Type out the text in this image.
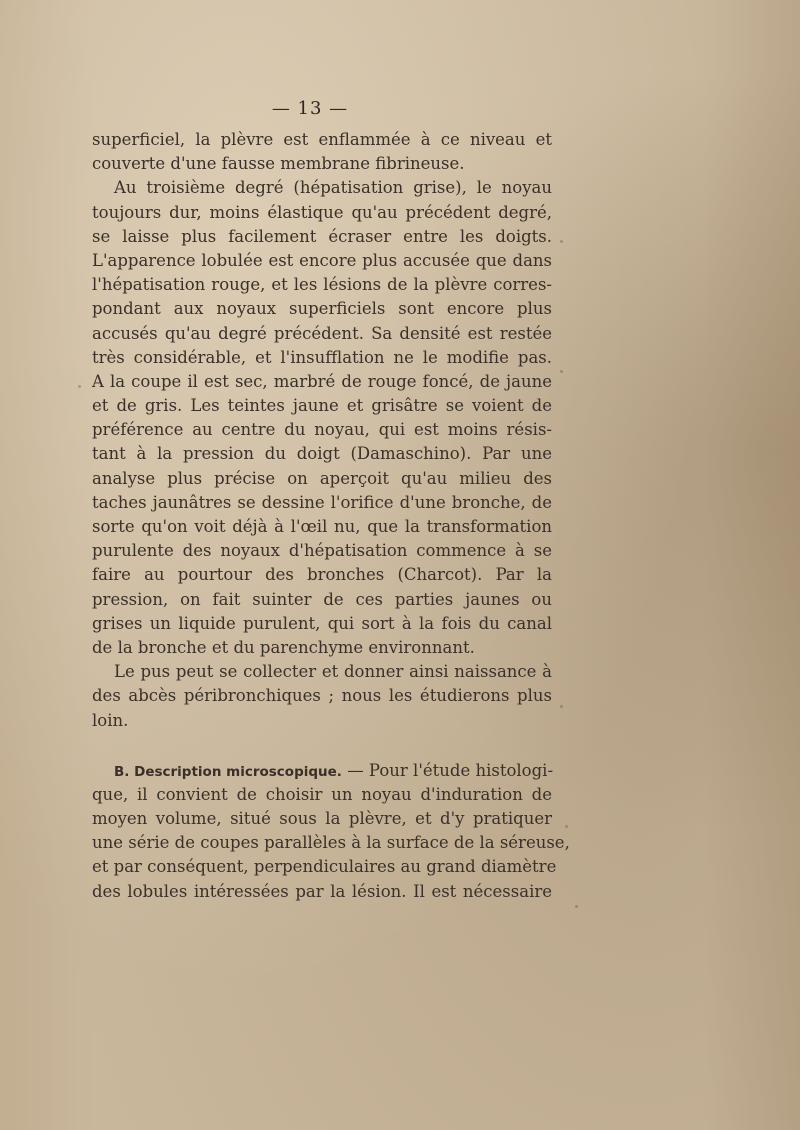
— 13 —
superficiel, la plèvre est enflammée à ce niveau et
couverte d'une fausse membrane fibrineuse.
Au troisième degré (hépatisation grise), le noyau
toujours dur, moins élastique qu'au précédent degré,
se laisse plus facilement écraser entre les doigts.
L'apparence lobulée est encore plus accusée que dans
l'hépatisation rouge, et les lésions de la plèvre corres-
pondant aux noyaux superficiels sont encore plus
accusés qu'au degré précédent. Sa densité est restée
très considérable, et l'insufflation ne le modifie pas.
A la coupe il est sec, marbré de rouge foncé, de jaune
et de gris. Les teintes jaune et grisâtre se voient de
préférence au centre du noyau, qui est moins résis-
tant à la pression du doigt (Damaschino). Par une
analyse plus précise on aperçoit qu'au milieu des
taches jaunâtres se dessine l'orifice d'une bronche, de
sorte qu'on voit déjà à l'œil nu, que la transformation
purulente des noyaux d'hépatisation commence à se
faire au pourtour des bronches (Charcot). Par la
pression, on fait suinter de ces parties jaunes ou
grises un liquide purulent, qui sort à la fois du canal
de la bronche et du parenchyme environnant.
Le pus peut se collecter et donner ainsi naissance à
des abcès péribronchiques ; nous les étudierons plus
loin.
B. Description microscopique. — Pour l'étude histologi-
que, il convient de choisir un noyau d'induration de
moyen volume, situé sous la plèvre, et d'y pratiquer
une série de coupes parallèles à la surface de la séreuse,
et par conséquent, perpendiculaires au grand diamètre
des lobules intéressées par la lésion. Il est nécessaire
